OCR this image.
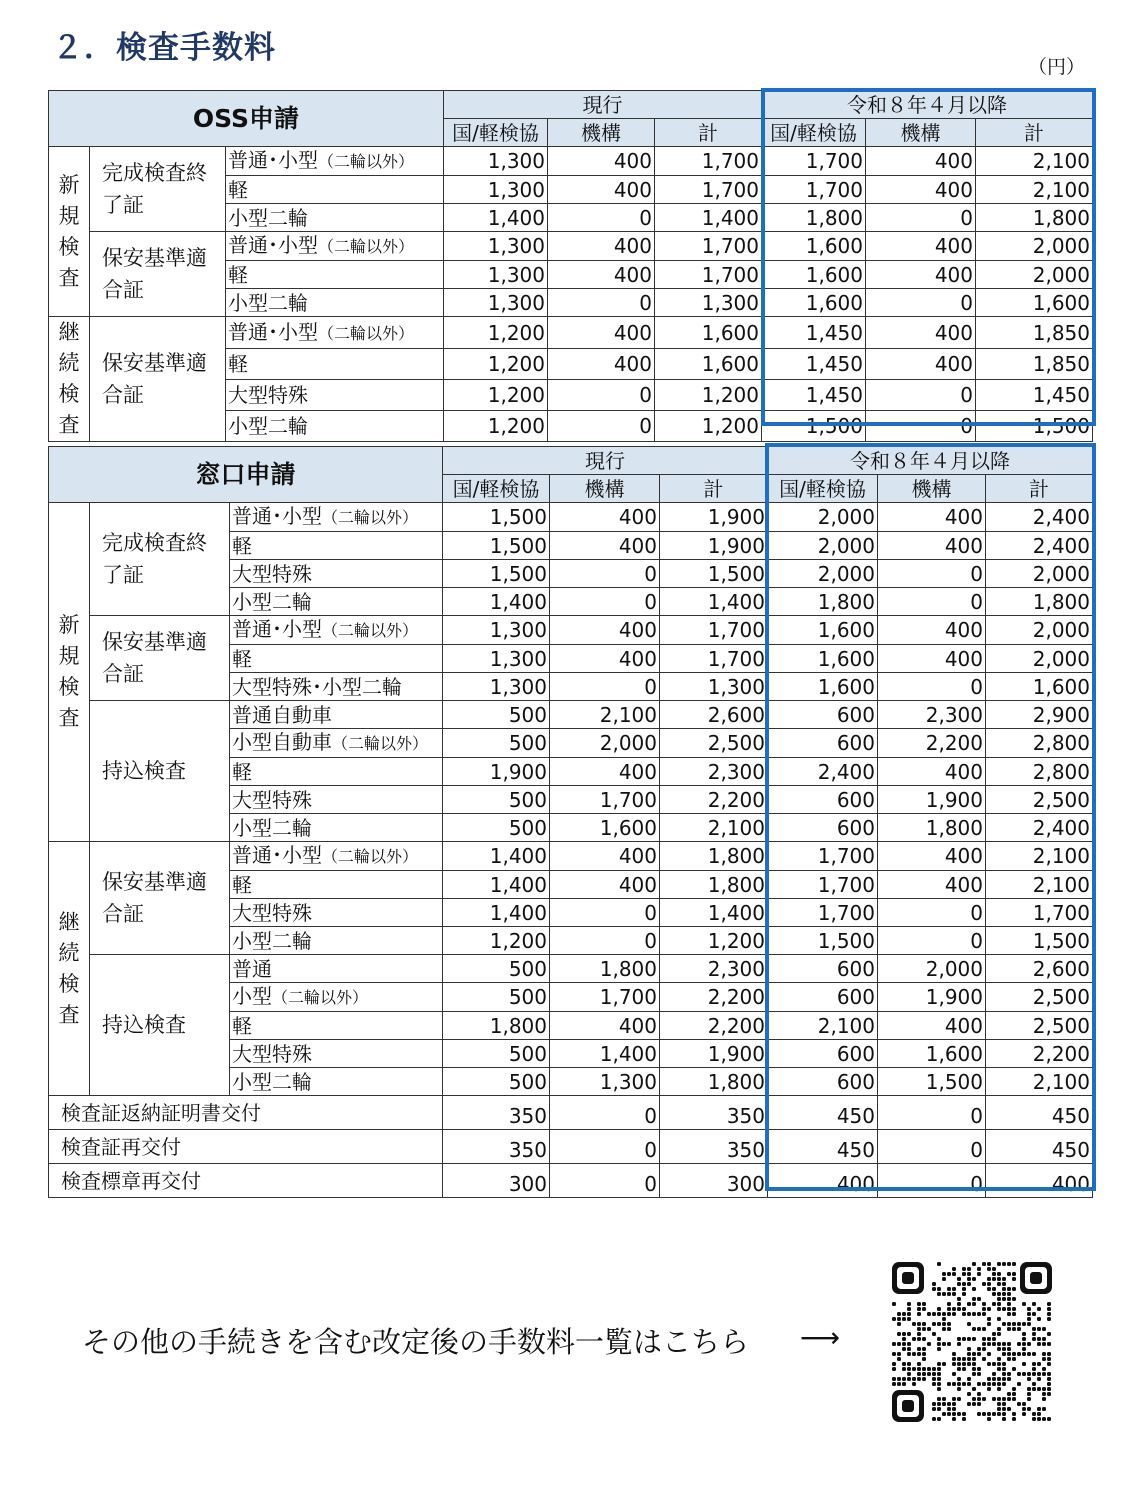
２．検査手数料
（円）
OSS申請			現行			令和８年４月以降		
			国/軽検協	機構	計	国/軽検協	機構	計

新
規
検
査	完成検査終了証	普通･小型（二輪以外）	1,300	400	1,700	1,700	400	2,100
		軽	1,300	400	1,700	1,700	400	2,100
		小型二輪	1,400	0	1,400	1,800	0	1,800
	保安基準適合証	普通･小型（二輪以外）	1,300	400	1,700	1,600	400	2,000
		軽	1,300	400	1,700	1,600	400	2,000
		小型二輪	1,300	0	1,300	1,600	0	1,600

継
続
検
査	保安基準適合証	普通･小型（二輪以外）	1,200	400	1,600	1,450	400	1,850
		軽	1,200	400	1,600	1,450	400	1,850
		大型特殊	1,200	0	1,200	1,450	0	1,450
		小型二輪	1,200	0	1,200	1,500	0	1,500
窓口申請			現行			令和８年４月以降		
			国/軽検協	機構	計	国/軽検協	機構	計

新
規
検
査	完成検査終了証	普通･小型（二輪以外）	1,500	400	1,900	2,000	400	2,400
		軽	1,500	400	1,900	2,000	400	2,400
		大型特殊	1,500	0	1,500	2,000	0	2,000
		小型二輪	1,400	0	1,400	1,800	0	1,800
	保安基準適合証	普通･小型（二輪以外）	1,300	400	1,700	1,600	400	2,000
		軽	1,300	400	1,700	1,600	400	2,000
		大型特殊･小型二輪	1,300	0	1,300	1,600	0	1,600
	持込検査	普通自動車	500	2,100	2,600	600	2,300	2,900
		小型自動車（二輪以外）	500	2,000	2,500	600	2,200	2,800
		軽	1,900	400	2,300	2,400	400	2,800
		大型特殊	500	1,700	2,200	600	1,900	2,500
		小型二輪	500	1,600	2,100	600	1,800	2,400

継
続
検
査	保安基準適合証	普通･小型（二輪以外）	1,400	400	1,800	1,700	400	2,100
		軽	1,400	400	1,800	1,700	400	2,100
		大型特殊	1,400	0	1,400	1,700	0	1,700
		小型二輪	1,200	0	1,200	1,500	0	1,500
	持込検査	普通	500	1,800	2,300	600	2,000	2,600
		小型（二輪以外）	500	1,700	2,200	600	1,900	2,500
		軽	1,800	400	2,200	2,100	400	2,500
		大型特殊	500	1,400	1,900	600	1,600	2,200
		小型二輪	500	1,300	1,800	600	1,500	2,100
検査証返納証明書交付			350	0	350	450	0	450
検査証再交付			350	0	350	450	0	450
検査標章再交付			300	0	300	400	0	400
その他の手続きを含む改定後の手数料一覧はこちら ⟶
